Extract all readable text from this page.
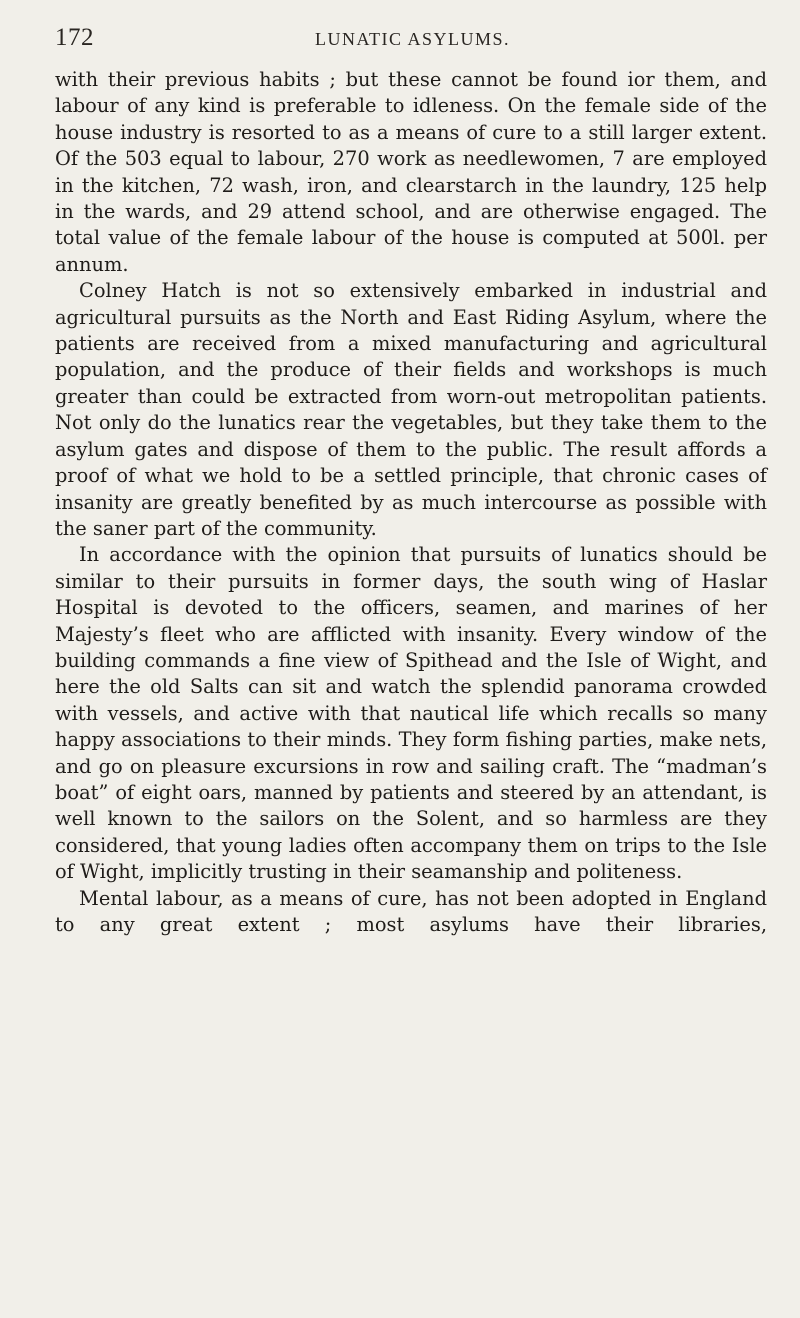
172	LUNATIC ASYLUMS.

with their previous habits ; but these cannot be found ior them, and labour of any kind is preferable to idleness. On the female side of the house industry is resorted to as a means of cure to a still larger extent. Of the 503 equal to labour, 270 work as needlewomen, 7 are employed in the kitchen, 72 wash, iron, and clearstarch in the laundry, 125 help in the wards, and 29 attend school, and are otherwise engaged. The total value of the female labour of the house is computed at 500l. per annum.

Colney Hatch is not so extensively embarked in industrial and agricultural pursuits as the North and East Riding Asylum, where the patients are received from a mixed manufacturing and agricultural population, and the produce of their fields and workshops is much greater than could be extracted from worn-out metropolitan patients. Not only do the lunatics rear the vegetables, but they take them to the asylum gates and dispose of them to the public. The result affords a proof of what we hold to be a settled principle, that chronic cases of insanity are greatly benefited by as much intercourse as possible with the saner part of the community.

In accordance with the opinion that pursuits of lunatics should be similar to their pursuits in former days, the south wing of Haslar Hospital is devoted to the officers, seamen, and marines of her Majesty’s fleet who are afflicted with insanity. Every window of the building commands a fine view of Spithead and the Isle of Wight, and here the old Salts can sit and watch the splendid panorama crowded with vessels, and active with that nautical life which recalls so many happy associations to their minds. They form fishing parties, make nets, and go on pleasure excursions in row and sailing craft. The “madman’s boat” of eight oars, manned by patients and steered by an attendant, is well known to the sailors on the Solent, and so harmless are they considered, that young ladies often accompany them on trips to the Isle of Wight, implicitly trusting in their seamanship and politeness.

Mental labour, as a means of cure, has not been adopted in England to any great extent ; most asylums have their libraries,
